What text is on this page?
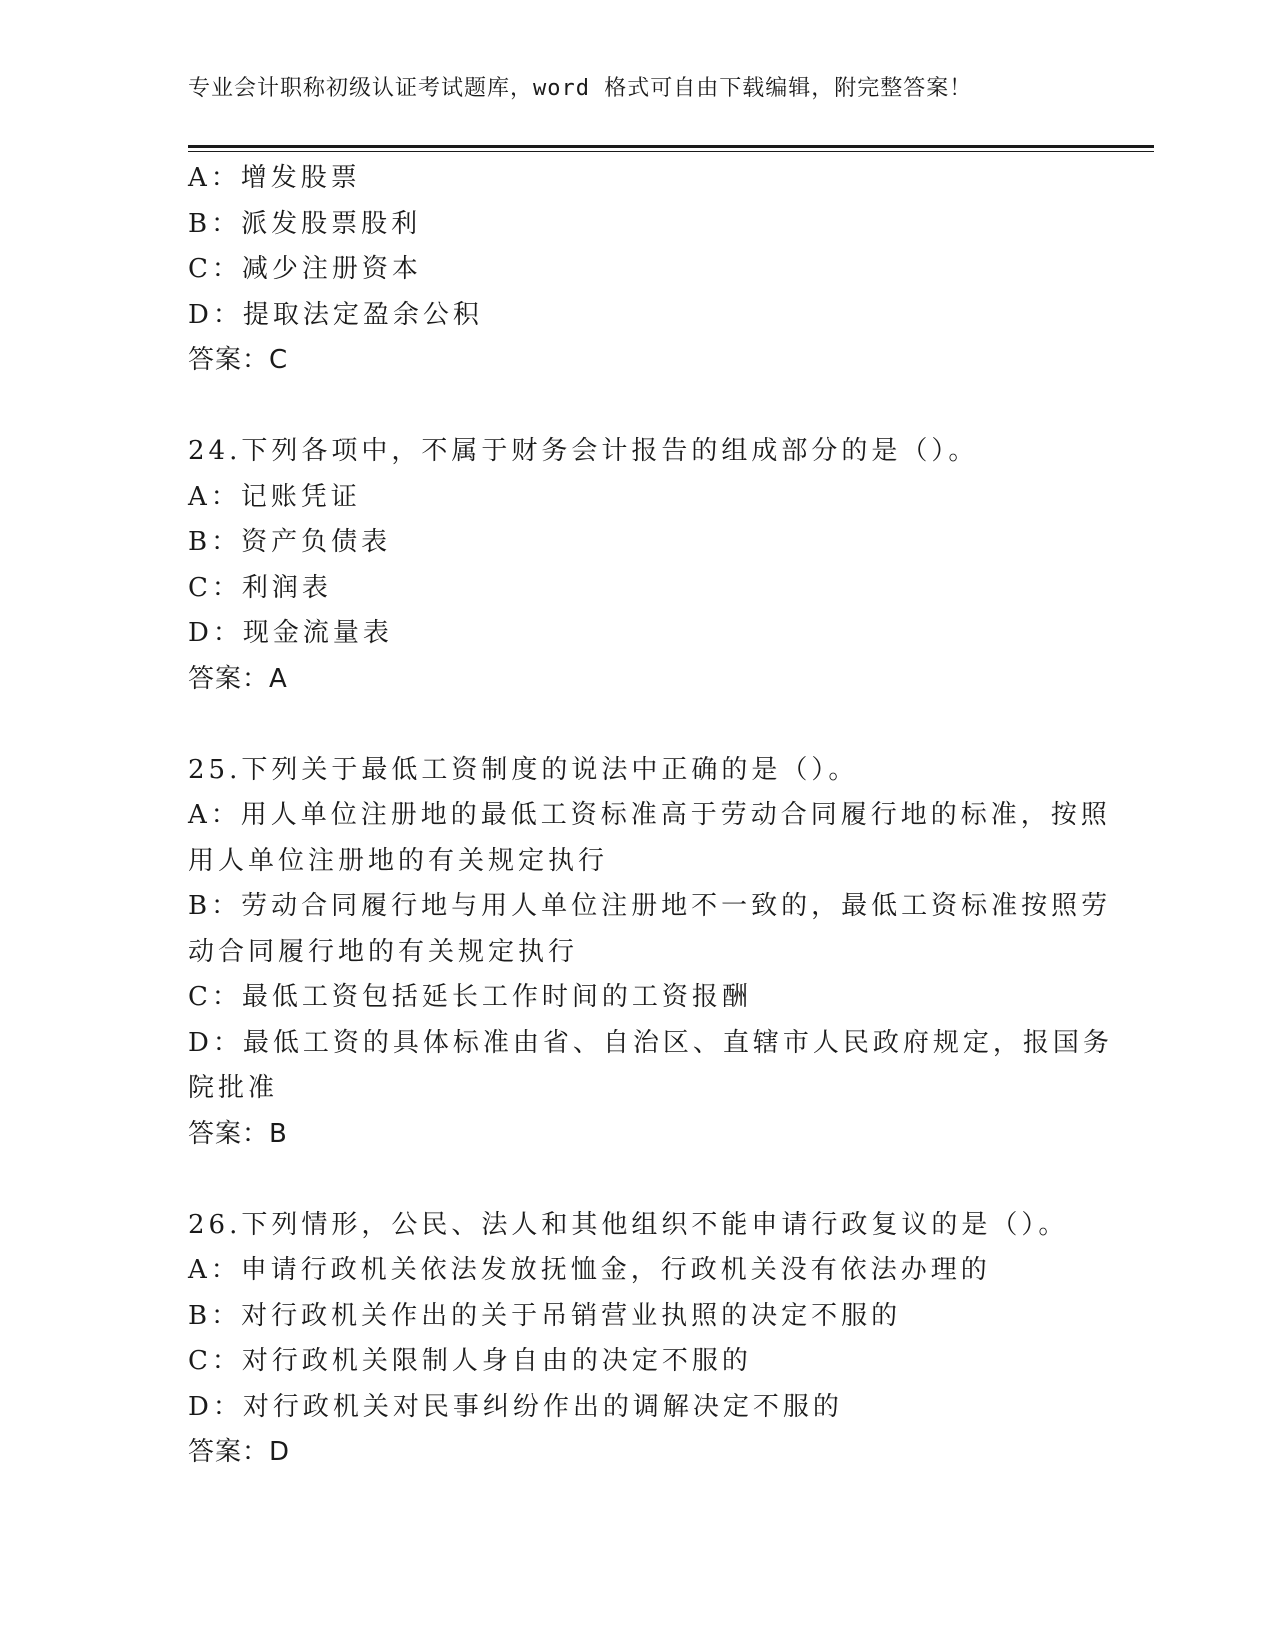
专业会计职称初级认证考试题库，word 格式可自由下载编辑，附完整答案！
A：增发股票
B：派发股票股利
C：减少注册资本
D：提取法定盈余公积
答案：C
24.下列各项中，不属于财务会计报告的组成部分的是（）。
A：记账凭证
B：资产负债表
C：利润表
D：现金流量表
答案：A
25.下列关于最低工资制度的说法中正确的是（）。
A：用人单位注册地的最低工资标准高于劳动合同履行地的标准，按照
用人单位注册地的有关规定执行
B：劳动合同履行地与用人单位注册地不一致的，最低工资标准按照劳
动合同履行地的有关规定执行
C：最低工资包括延长工作时间的工资报酬
D：最低工资的具体标准由省、自治区、直辖市人民政府规定，报国务
院批准
答案：B
26.下列情形，公民、法人和其他组织不能申请行政复议的是（）。
A：申请行政机关依法发放抚恤金，行政机关没有依法办理的
B：对行政机关作出的关于吊销营业执照的决定不服的
C：对行政机关限制人身自由的决定不服的
D：对行政机关对民事纠纷作出的调解决定不服的
答案：D
